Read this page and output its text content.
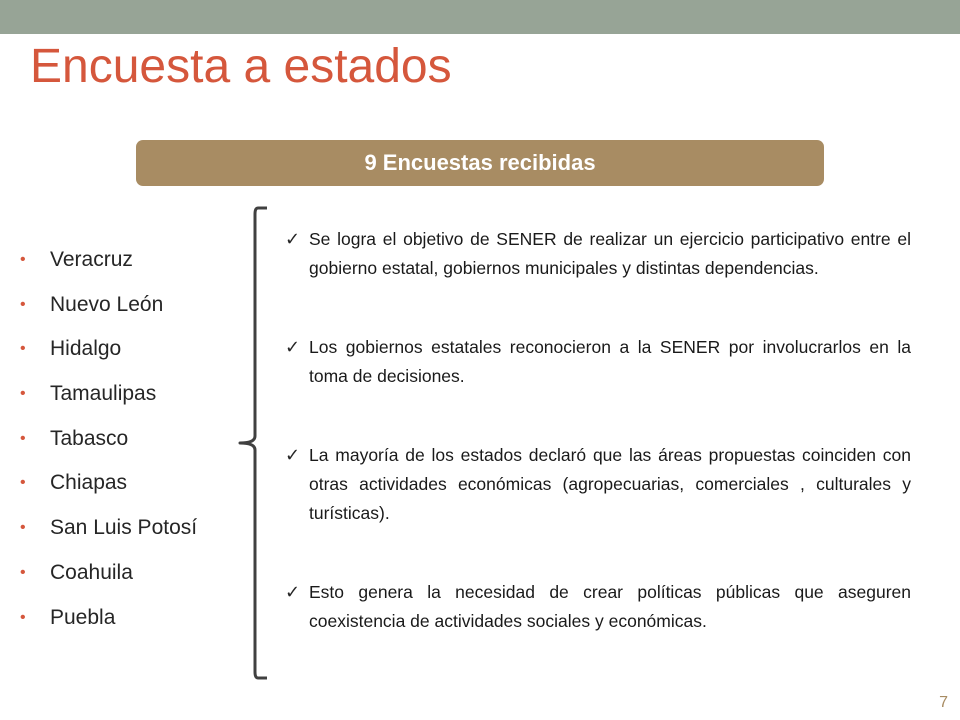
Encuesta a estados
9 Encuestas recibidas
• Veracruz
• Nuevo León
• Hidalgo
• Tamaulipas
• Tabasco
• Chiapas
• San Luis Potosí
• Coahuila
• Puebla
✓ Se logra el objetivo de SENER de realizar un ejercicio participativo entre el gobierno estatal, gobiernos municipales y distintas dependencias.
✓ Los gobiernos estatales reconocieron a la SENER por involucrarlos en la toma de decisiones.
✓ La mayoría de los estados declaró que las áreas propuestas coinciden con otras actividades económicas (agropecuarias, comerciales , culturales y turísticas).
✓ Esto genera la necesidad de crear políticas públicas que aseguren coexistencia de actividades sociales y económicas.
7
